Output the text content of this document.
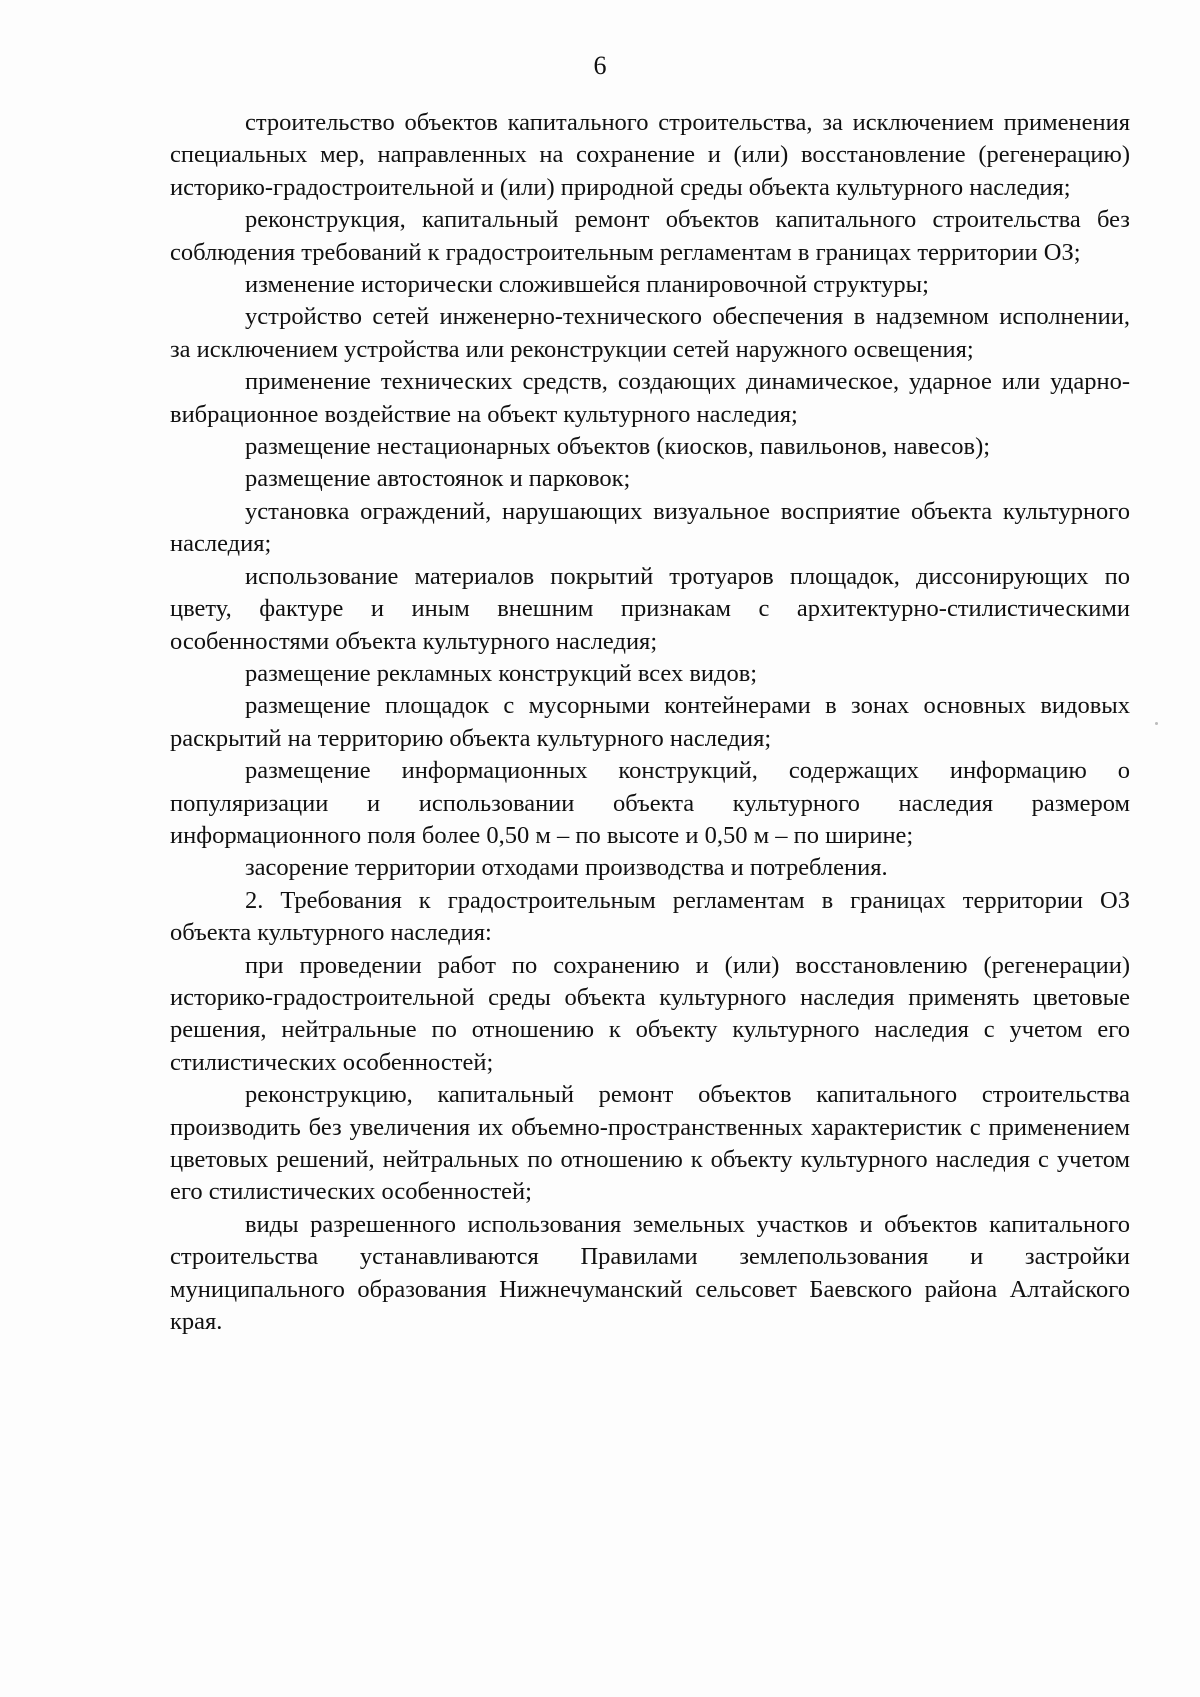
6

строительство объектов капитального строительства, за исключением применения специальных мер, направленных на сохранение и (или) восстановление (регенерацию) историко-градостроительной и (или) природной среды объекта культурного наследия;

реконструкция, капитальный ремонт объектов капитального строительства без соблюдения требований к градостроительным регламентам в границах территории ОЗ;

изменение исторически сложившейся планировочной структуры;

устройство сетей инженерно-технического обеспечения в надземном исполнении, за исключением устройства или реконструкции сетей наружного освещения;

применение технических средств, создающих динамическое, ударное или ударно-вибрационное воздействие на объект культурного наследия;

размещение нестационарных объектов (киосков, павильонов, навесов);

размещение автостоянок и парковок;

установка ограждений, нарушающих визуальное восприятие объекта культурного наследия;

использование материалов покрытий тротуаров площадок, диссонирующих по цвету, фактуре и иным внешним признакам с архитектурно-стилистическими особенностями объекта культурного наследия;

размещение рекламных конструкций всех видов;

размещение площадок с мусорными контейнерами в зонах основных видовых раскрытий на территорию объекта культурного наследия;

размещение информационных конструкций, содержащих информацию о популяризации и использовании объекта культурного наследия размером информационного поля более 0,50 м – по высоте и 0,50 м – по ширине;

засорение территории отходами производства и потребления.

2. Требования к градостроительным регламентам в границах территории ОЗ объекта культурного наследия:

при проведении работ по сохранению и (или) восстановлению (регенерации) историко-градостроительной среды объекта культурного наследия применять цветовые решения, нейтральные по отношению к объекту культурного наследия с учетом его стилистических особенностей;

реконструкцию, капитальный ремонт объектов капитального строительства производить без увеличения их объемно-пространственных характеристик с применением цветовых решений, нейтральных по отношению к объекту культурного наследия с учетом его стилистических особенностей;

виды разрешенного использования земельных участков и объектов капитального строительства устанавливаются Правилами землепользования и застройки муниципального образования Нижнечуманский сельсовет Баевского района Алтайского края.
